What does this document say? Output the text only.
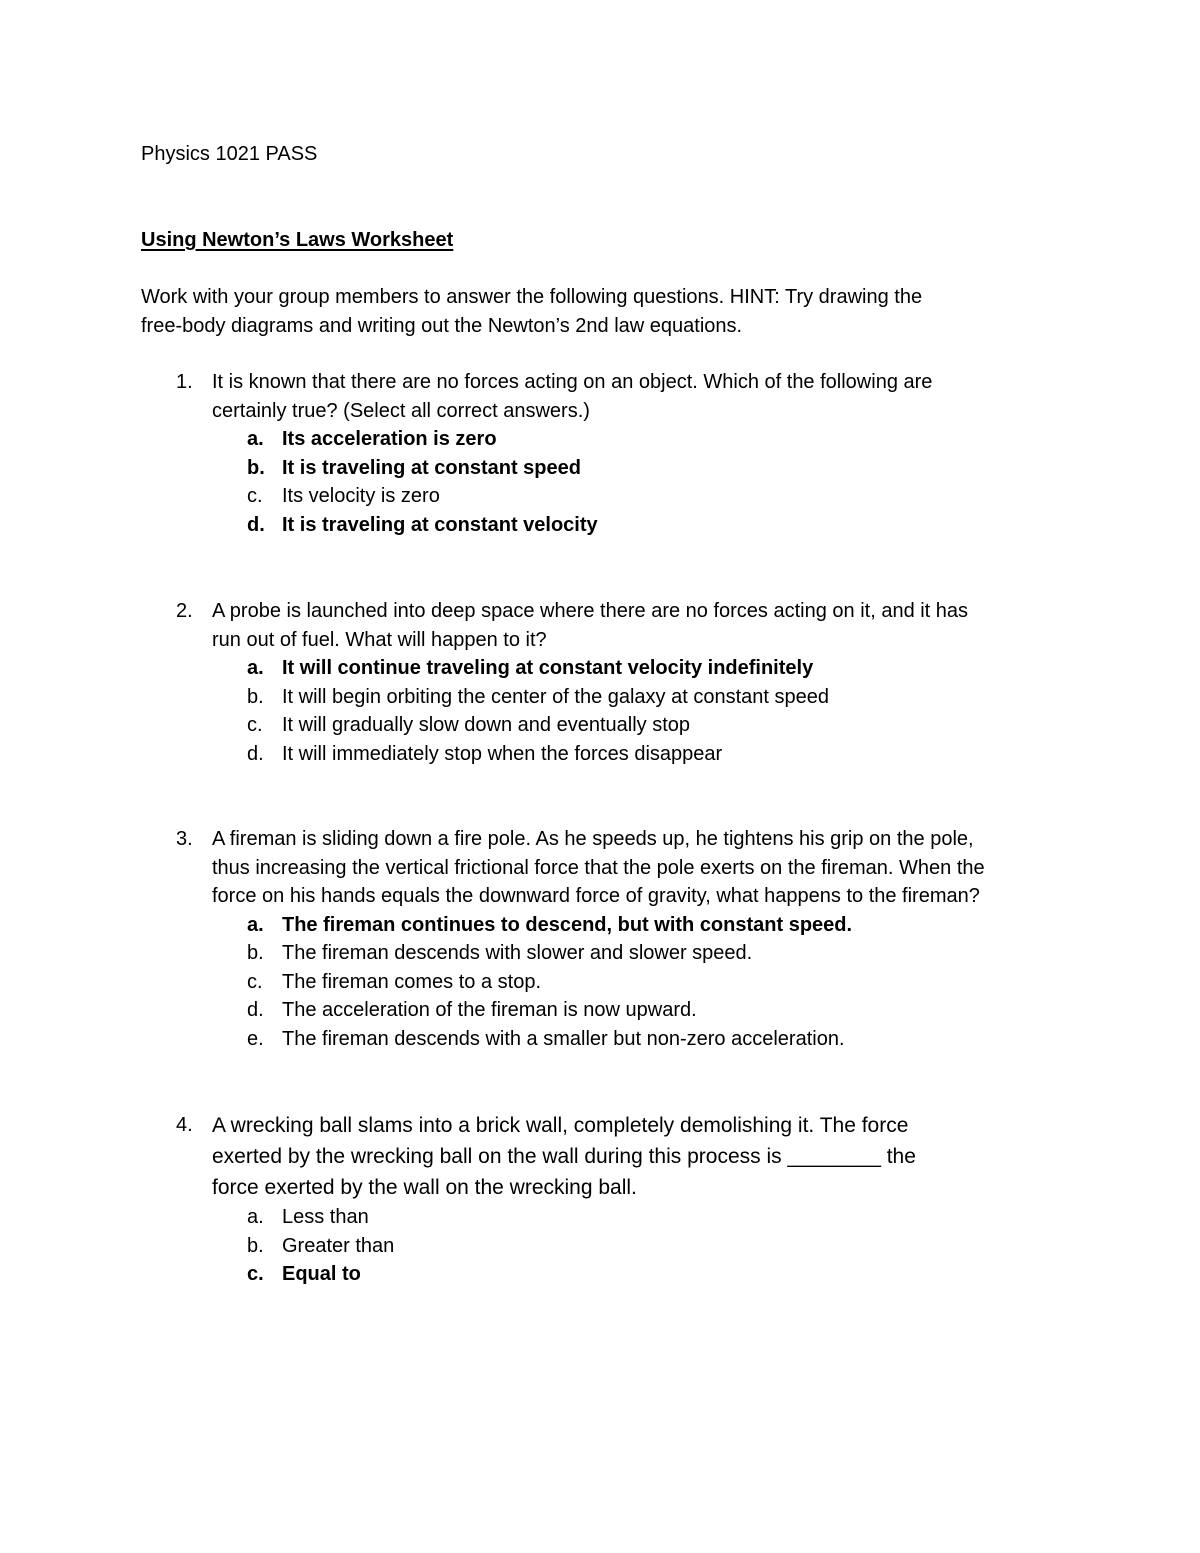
Physics 1021 PASS
Using Newton’s Laws Worksheet
Work with your group members to answer the following questions. HINT: Try drawing the
free-body diagrams and writing out the Newton’s 2nd law equations.
1. It is known that there are no forces acting on an object. Which of the following are
certainly true? (Select all correct answers.)
a. Its acceleration is zero
b. It is traveling at constant speed
c. Its velocity is zero
d. It is traveling at constant velocity
2. A probe is launched into deep space where there are no forces acting on it, and it has
run out of fuel. What will happen to it?
a. It will continue traveling at constant velocity indefinitely
b. It will begin orbiting the center of the galaxy at constant speed
c. It will gradually slow down and eventually stop
d. It will immediately stop when the forces disappear
3. A fireman is sliding down a fire pole. As he speeds up, he tightens his grip on the pole,
thus increasing the vertical frictional force that the pole exerts on the fireman. When the
force on his hands equals the downward force of gravity, what happens to the fireman?
a. The fireman continues to descend, but with constant speed.
b. The fireman descends with slower and slower speed.
c. The fireman comes to a stop.
d. The acceleration of the fireman is now upward.
e. The fireman descends with a smaller but non-zero acceleration.
4. A wrecking ball slams into a brick wall, completely demolishing it. The force
exerted by the wrecking ball on the wall during this process is ________ the
force exerted by the wall on the wrecking ball.
a. Less than
b. Greater than
c. Equal to
